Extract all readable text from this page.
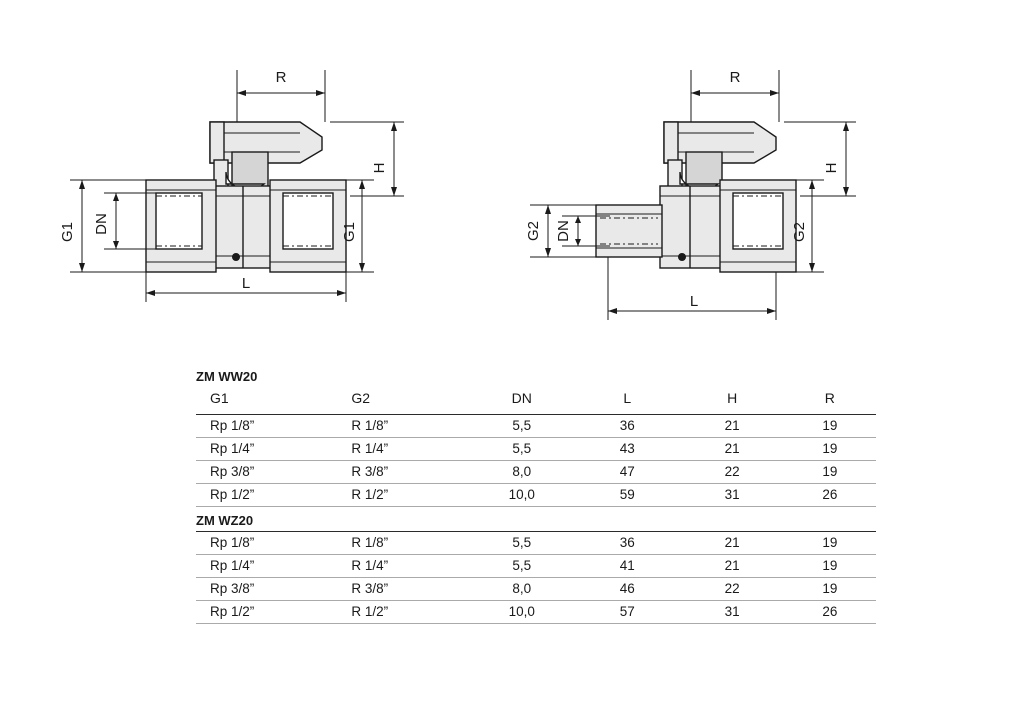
R
G1 DN	G1
H
L
R
G2 DN	G2
H
L
ZM WW20					
G1	G2	DN	L	H	R

Rp 1/8”	R 1/8”	5,5	36	21	19
Rp 1/4”	R 1/4”	5,5	43	21	19
Rp 3/8”	R 3/8”	8,0	47	22	19
Rp 1/2”	R 1/2”	10,0	59	31	26
ZM WZ20					
Rp 1/8”	R 1/8”	5,5	36	21	19
Rp 1/4”	R 1/4”	5,5	41	21	19
Rp 3/8”	R 3/8”	8,0	46	22	19
Rp 1/2”	R 1/2”	10,0	57	31	26
